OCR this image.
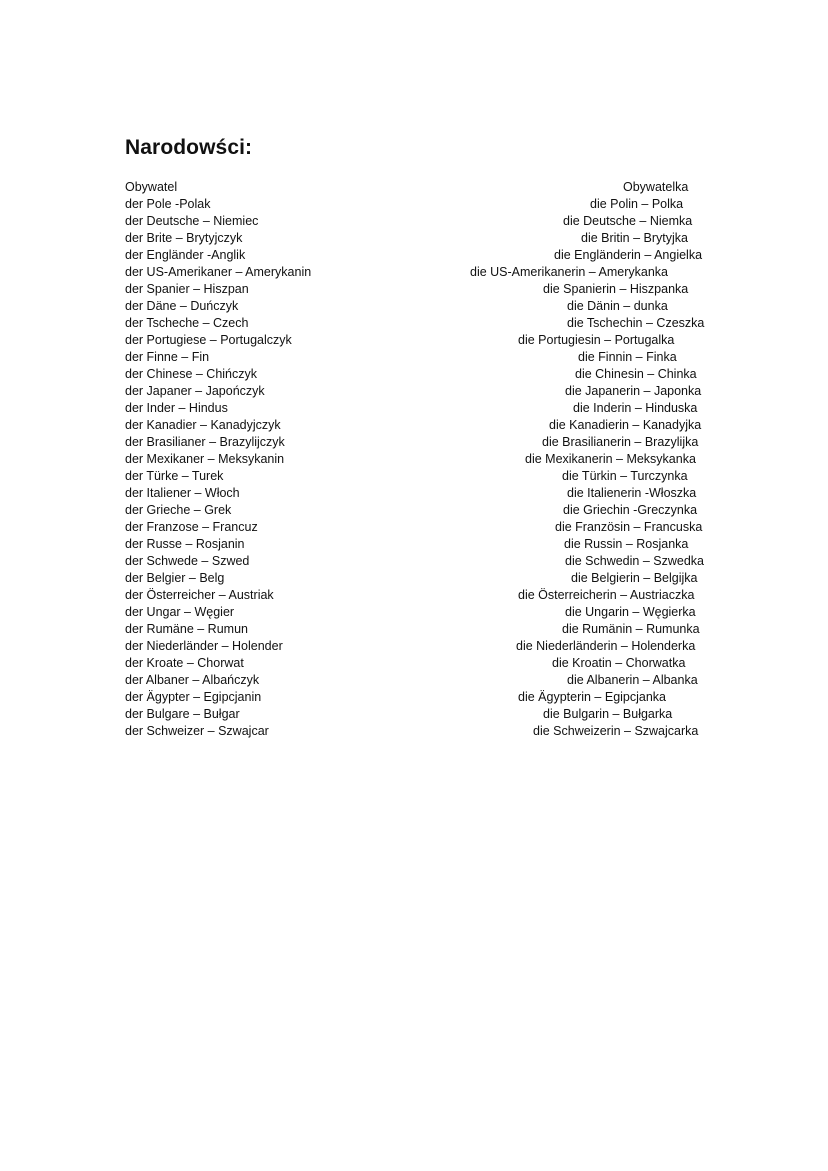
Narodowści:
Obywatel	Obywatelka
der Pole -Polak	die Polin – Polka
der Deutsche – Niemiec	die Deutsche – Niemka
der Brite – Brytyjczyk	die Britin – Brytyjka
der Engländer -Anglik	die Engländerin – Angielka
der US-Amerikaner – Amerykanin	die US-Amerikanerin – Amerykanka
der Spanier – Hiszpan	die Spanierin – Hiszpanka
der Däne – Duńczyk	die Dänin – dunka
der Tscheche – Czech	die Tschechin – Czeszka
der Portugiese – Portugalczyk	die Portugiesin – Portugalka
der Finne – Fin	die Finnin – Finka
der Chinese – Chińczyk	die Chinesin – Chinka
der Japaner – Japończyk	die Japanerin – Japonka
der Inder – Hindus	die Inderin – Hinduska
der Kanadier – Kanadyjczyk	die Kanadierin – Kanadyjka
der Brasilianer – Brazylijczyk	die Brasilianerin – Brazylijka
der Mexikaner – Meksykanin	die Mexikanerin – Meksykanka
der Türke – Turek	die Türkin – Turczynka
der Italiener – Włoch	die Italienerin -Włoszka
der Grieche – Grek	die Griechin -Greczynka
der Franzose – Francuz	die Französin – Francuska
der Russe – Rosjanin	die Russin – Rosjanka
der Schwede – Szwed	die Schwedin – Szwedka
der Belgier – Belg	die Belgierin – Belgijka
der Österreicher – Austriak	die Österreicherin – Austriaczka
der Ungar – Węgier	die Ungarin – Węgierka
der Rumäne – Rumun	die Rumänin – Rumunka
der Niederländer – Holender	die Niederländerin – Holenderka
der Kroate – Chorwat	die Kroatin – Chorwatka
der Albaner – Albańczyk	die Albanerin – Albanka
der Ägypter – Egipcjanin	die Ägypterin – Egipcjanka
der Bulgare – Bułgar	die Bulgarin – Bułgarka
der Schweizer – Szwajcar	die Schweizerin – Szwajcarka
